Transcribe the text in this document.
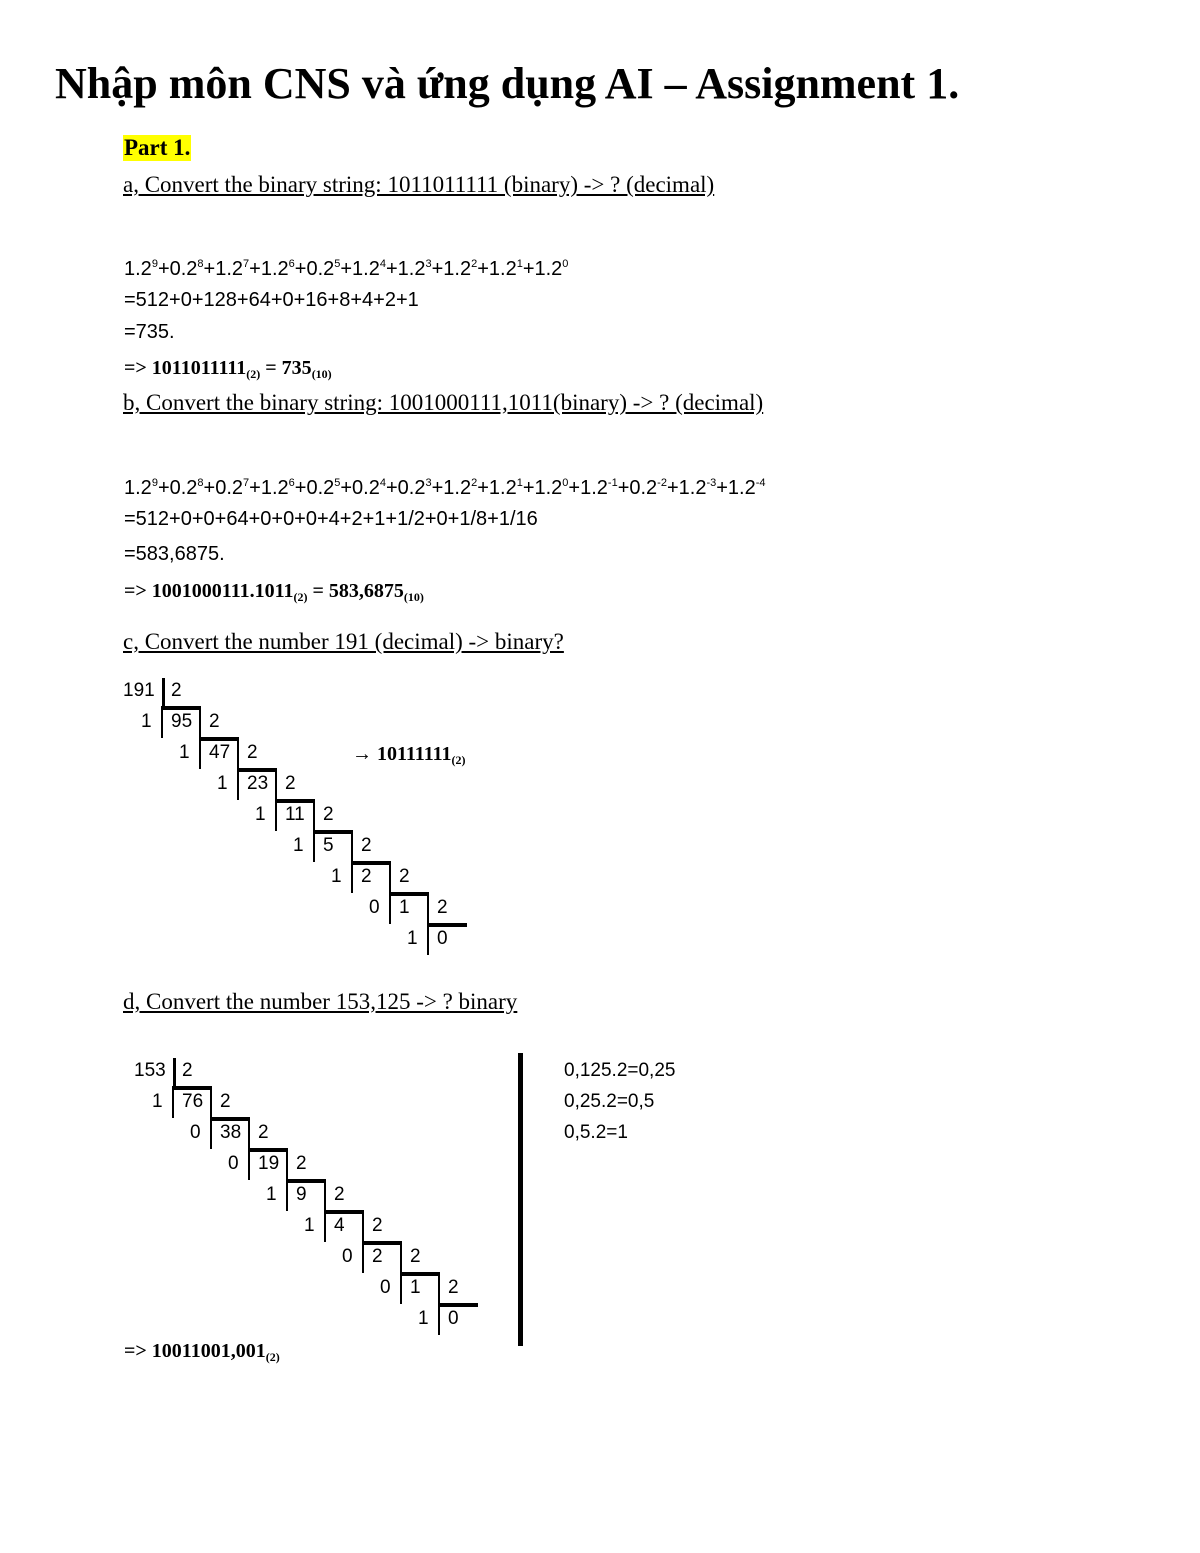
Nhập môn CNS và ứng dụng AI – Assignment 1.
Part 1.
a, Convert the binary string: 1011011111 (binary) -> ? (decimal)
$1.2^9+0.2^8+1.2^7+1.2^6+0.2^5+1.2^4+1.2^3+1.2^2+1.2^1+1.2^0$
=512+0+128+64+0+16+8+4+2+1
=735.
=> $1011011111_{(2)} = 735_{(10)}$
b, Convert the binary string: 1001000111,1011(binary) -> ? (decimal)
$1.2^9+0.2^8+0.2^7+1.2^6+0.2^5+0.2^4+0.2^3+1.2^2+1.2^1+1.2^0+1.2^{-1}+0.2^{-2}+1.2^{-3}+1.2^{-4}$
=512+0+0+64+0+0+0+4+2+1+1/2+0+1/8+1/16
=583,6875.
=> $1001000111.1011_{(2)} = 583,6875_{(10)}$
c, Convert the number 191 (decimal) -> binary?
191 2
1 95 2
1 47 2
1 23 2
1 11 2
1 5 2
1 2 2
0 1 2
1 0
→ $10111111_{(2)}$
d, Convert the number 153,125 -> ? binary
153 2
1 76 2
0 38 2
0 19 2
1 9 2
1 4 2
0 2 2
0 1 2
1 0
0,125.2=0,25
0,25.2=0,5
0,5.2=1
=> $10011001,001_{(2)}$
